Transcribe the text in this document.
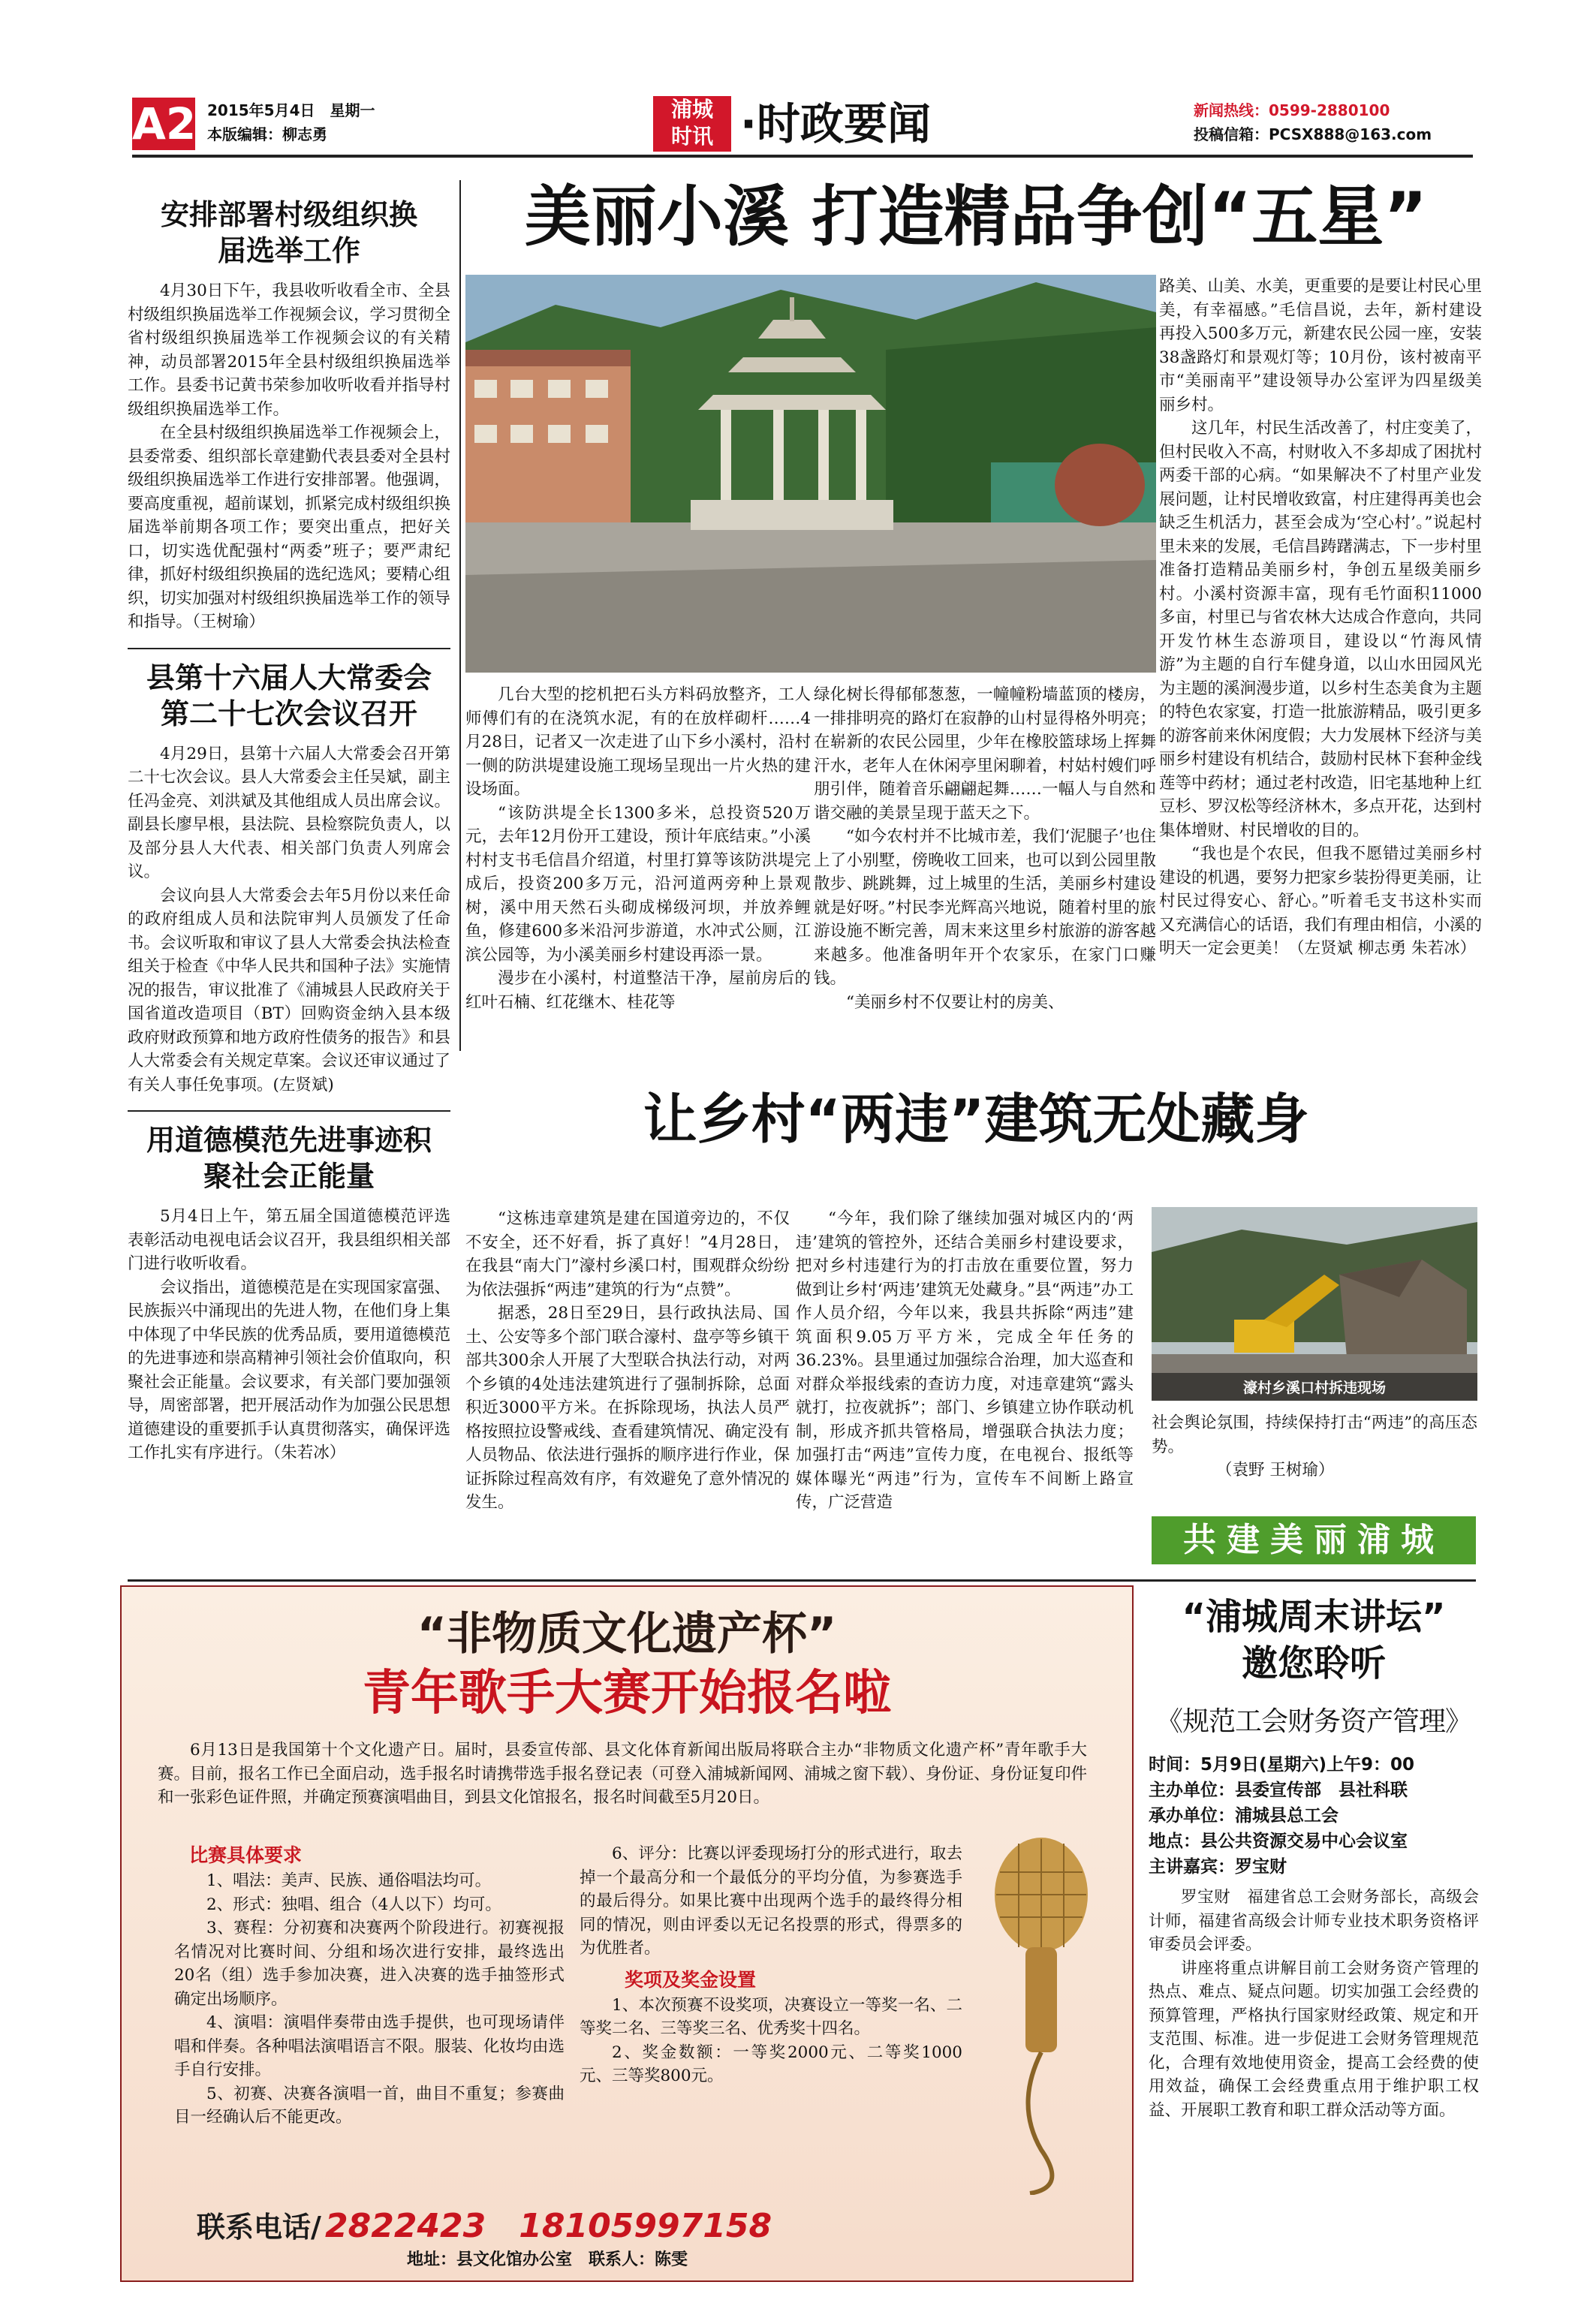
A2 2015年5月4日　星期一
本版编辑：柳志勇
浦城
时讯 ·时政要闻	新闻热线：0599-2880100
投稿信箱：PCSX888@163.com
安排部署村级组织换届选举工作

4月30日下午，我县收听收看全市、全县村级组织换届选举工作视频会议，学习贯彻全省村级组织换届选举工作视频会议的有关精神，动员部署2015年全县村级组织换届选举工作。县委书记黄书荣参加收听收看并指导村级组织换届选举工作。

在全县村级组织换届选举工作视频会上，县委常委、组织部长章建勤代表县委对全县村级组织换届选举工作进行安排部署。他强调，要高度重视，超前谋划，抓紧完成村级组织换届选举前期各项工作；要突出重点，把好关口，切实选优配强村“两委”班子；要严肃纪律，抓好村级组织换届的选纪选风；要精心组织，切实加强对村级组织换届选举工作的领导和指导。（王树瑜）

县第十六届人大常委会第二十七次会议召开

4月29日，县第十六届人大常委会召开第二十七次会议。县人大常委会主任吴斌，副主任冯金亮、刘洪斌及其他组成人员出席会议。副县长廖早根，县法院、县检察院负责人，以及部分县人大代表、相关部门负责人列席会议。

会议向县人大常委会去年5月份以来任命的政府组成人员和法院审判人员颁发了任命书。会议听取和审议了县人大常委会执法检查组关于检查《中华人民共和国种子法》实施情况的报告，审议批准了《浦城县人民政府关于国省道改造项目（BT）回购资金纳入县本级政府财政预算和地方政府性债务的报告》和县人大常委会有关规定草案。会议还审议通过了有关人事任免事项。(左贤斌)

用道德模范先进事迹积聚社会正能量

5月4日上午，第五届全国道德模范评选表彰活动电视电话会议召开，我县组织相关部门进行收听收看。

会议指出，道德模范是在实现国家富强、民族振兴中涌现出的先进人物，在他们身上集中体现了中华民族的优秀品质，要用道德模范的先进事迹和崇高精神引领社会价值取向，积聚社会正能量。会议要求，有关部门要加强领导，周密部署，把开展活动作为加强公民思想道德建设的重要抓手认真贯彻落实，确保评选工作扎实有序进行。（朱若冰）

美丽小溪 打造精品争创“五星”

几台大型的挖机把石头方料码放整齐，工人师傅们有的在浇筑水泥，有的在放样砌杆……4月28日，记者又一次走进了山下乡小溪村，沿村一侧的防洪堤建设施工现场呈现出一片火热的建设场面。

“该防洪堤全长1300多米，总投资520万元，去年12月份开工建设，预计年底结束。”小溪村村支书毛信昌介绍道，村里打算等该防洪堤完成后，投资200多万元，沿河道两旁种上景观树，溪中用天然石头砌成梯级河坝，并放养鲤鱼，修建600多米沿河步游道，水冲式公厕，江滨公园等，为小溪美丽乡村建设再添一景。

漫步在小溪村，村道整洁干净，屋前房后的红叶石楠、红花继木、桂花等

绿化树长得郁郁葱葱，一幢幢粉墙蓝顶的楼房，一排排明亮的路灯在寂静的山村显得格外明亮；在崭新的农民公园里，少年在橡胶篮球场上挥舞汗水，老年人在休闲亭里闲聊着，村姑村嫂们呼朋引伴，随着音乐翩翩起舞……一幅人与自然和谐交融的美景呈现于蓝天之下。

“如今农村并不比城市差，我们‘泥腿子’也住上了小别墅，傍晚收工回来，也可以到公园里散散步、跳跳舞，过上城里的生活，美丽乡村建设就是好呀。”村民李光辉高兴地说，随着村里的旅游设施不断完善，周末来这里乡村旅游的游客越来越多。他准备明年开个农家乐，在家门口赚钱。

“美丽乡村不仅要让村的房美、

路美、山美、水美，更重要的是要让村民心里美，有幸福感。”毛信昌说，去年，新村建设再投入500多万元，新建农民公园一座，安装38盏路灯和景观灯等；10月份，该村被南平市“美丽南平”建设领导办公室评为四星级美丽乡村。

这几年，村民生活改善了，村庄变美了，但村民收入不高，村财收入不多却成了困扰村两委干部的心病。“如果解决不了村里产业发展问题，让村民增收致富，村庄建得再美也会缺乏生机活力，甚至会成为‘空心村’。”说起村里未来的发展，毛信昌踌躇满志，下一步村里准备打造精品美丽乡村，争创五星级美丽乡村。小溪村资源丰富，现有毛竹面积11000多亩，村里已与省农林大达成合作意向，共同开发竹林生态游项目，建设以“竹海风情游”为主题的自行车健身道，以山水田园风光为主题的溪涧漫步道，以乡村生态美食为主题的特色农家宴，打造一批旅游精品，吸引更多的游客前来休闲度假；大力发展林下经济与美丽乡村建设有机结合，鼓励村民林下套种金线莲等中药材；通过老村改造，旧宅基地种上红豆杉、罗汉松等经济林木，多点开花，达到村集体增财、村民增收的目的。

“我也是个农民，但我不愿错过美丽乡村建设的机遇，要努力把家乡装扮得更美丽，让村民过得安心、舒心。”听着毛支书这朴实而又充满信心的话语，我们有理由相信，小溪的明天一定会更美！（左贤斌 柳志勇 朱若冰）

让乡村“两违”建筑无处藏身

“这栋违章建筑是建在国道旁边的，不仅不安全，还不好看，拆了真好！”4月28日，在我县“南大门”濠村乡溪口村，围观群众纷纷为依法强拆“两违”建筑的行为“点赞”。

据悉，28日至29日，县行政执法局、国土、公安等多个部门联合濠村、盘亭等乡镇干部共300余人开展了大型联合执法行动，对两个乡镇的4处违法建筑进行了强制拆除，总面积近3000平方米。在拆除现场，执法人员严格按照拉设警戒线、查看建筑情况、确定没有人员物品、依法进行强拆的顺序进行作业，保证拆除过程高效有序，有效避免了意外情况的发生。

“今年，我们除了继续加强对城区内的‘两违’建筑的管控外，还结合美丽乡村建设要求，把对乡村违建行为的打击放在重要位置，努力做到让乡村‘两违’建筑无处藏身。”县“两违”办工作人员介绍，今年以来，我县共拆除“两违”建筑面积9.05万平方米，完成全年任务的36.23%。县里通过加强综合治理，加大巡查和对群众举报线索的查访力度，对违章建筑“露头就打，拉夜就拆”；部门、乡镇建立协作联动机制，形成齐抓共管格局，增强联合执法力度；加强打击“两违”宣传力度，在电视台、报纸等媒体曝光“两违”行为，宣传车不间断上路宣传，广泛营造

濠村乡溪口村拆违现场

社会舆论氛围，持续保持打击“两违”的高压态势。

（袁野 王树瑜）

共建美丽浦城
“非物质文化遗产杯”
青年歌手大赛开始报名啦

6月13日是我国第十个文化遗产日。届时，县委宣传部、县文化体育新闻出版局将联合主办“非物质文化遗产杯”青年歌手大赛。目前，报名工作已全面启动，选手报名时请携带选手报名登记表（可登入浦城新闻网、浦城之窗下载）、身份证、身份证复印件和一张彩色证件照，并确定预赛演唱曲目，到县文化馆报名，报名时间截至5月20日。

比赛具体要求

1、唱法：美声、民族、通俗唱法均可。

2、形式：独唱、组合（4人以下）均可。

3、赛程：分初赛和决赛两个阶段进行。初赛视报名情况对比赛时间、分组和场次进行安排，最终选出20名（组）选手参加决赛，进入决赛的选手抽签形式确定出场顺序。

4、演唱：演唱伴奏带由选手提供，也可现场请伴唱和伴奏。各种唱法演唱语言不限。服装、化妆均由选手自行安排。

5、初赛、决赛各演唱一首，曲目不重复；参赛曲目一经确认后不能更改。

6、评分：比赛以评委现场打分的形式进行，取去掉一个最高分和一个最低分的平均分值，为参赛选手的最后得分。如果比赛中出现两个选手的最终得分相同的情况，则由评委以无记名投票的形式，得票多的为优胜者。

奖项及奖金设置

1、本次预赛不设奖项，决赛设立一等奖一名、二等奖二名、三等奖三名、优秀奖十四名。

2、奖金数额：一等奖2000元、二等奖1000元、三等奖800元。

联系电话/ 2822423　18105997158
地址：县文化馆办公室　联系人：陈雯
“浦城周末讲坛”
邀您聆听
《规范工会财务资产管理》
时间：5月9日(星期六)上午9：00
主办单位：县委宣传部　县社科联
承办单位：浦城县总工会
地点：县公共资源交易中心会议室
主讲嘉宾：罗宝财

罗宝财　福建省总工会财务部长，高级会计师，福建省高级会计师专业技术职务资格评审委员会评委。

讲座将重点讲解目前工会财务资产管理的热点、难点、疑点问题。切实加强工会经费的预算管理，严格执行国家财经政策、规定和开支范围、标准。进一步促进工会财务管理规范化，合理有效地使用资金，提高工会经费的使用效益，确保工会经费重点用于维护职工权益、开展职工教育和职工群众活动等方面。
